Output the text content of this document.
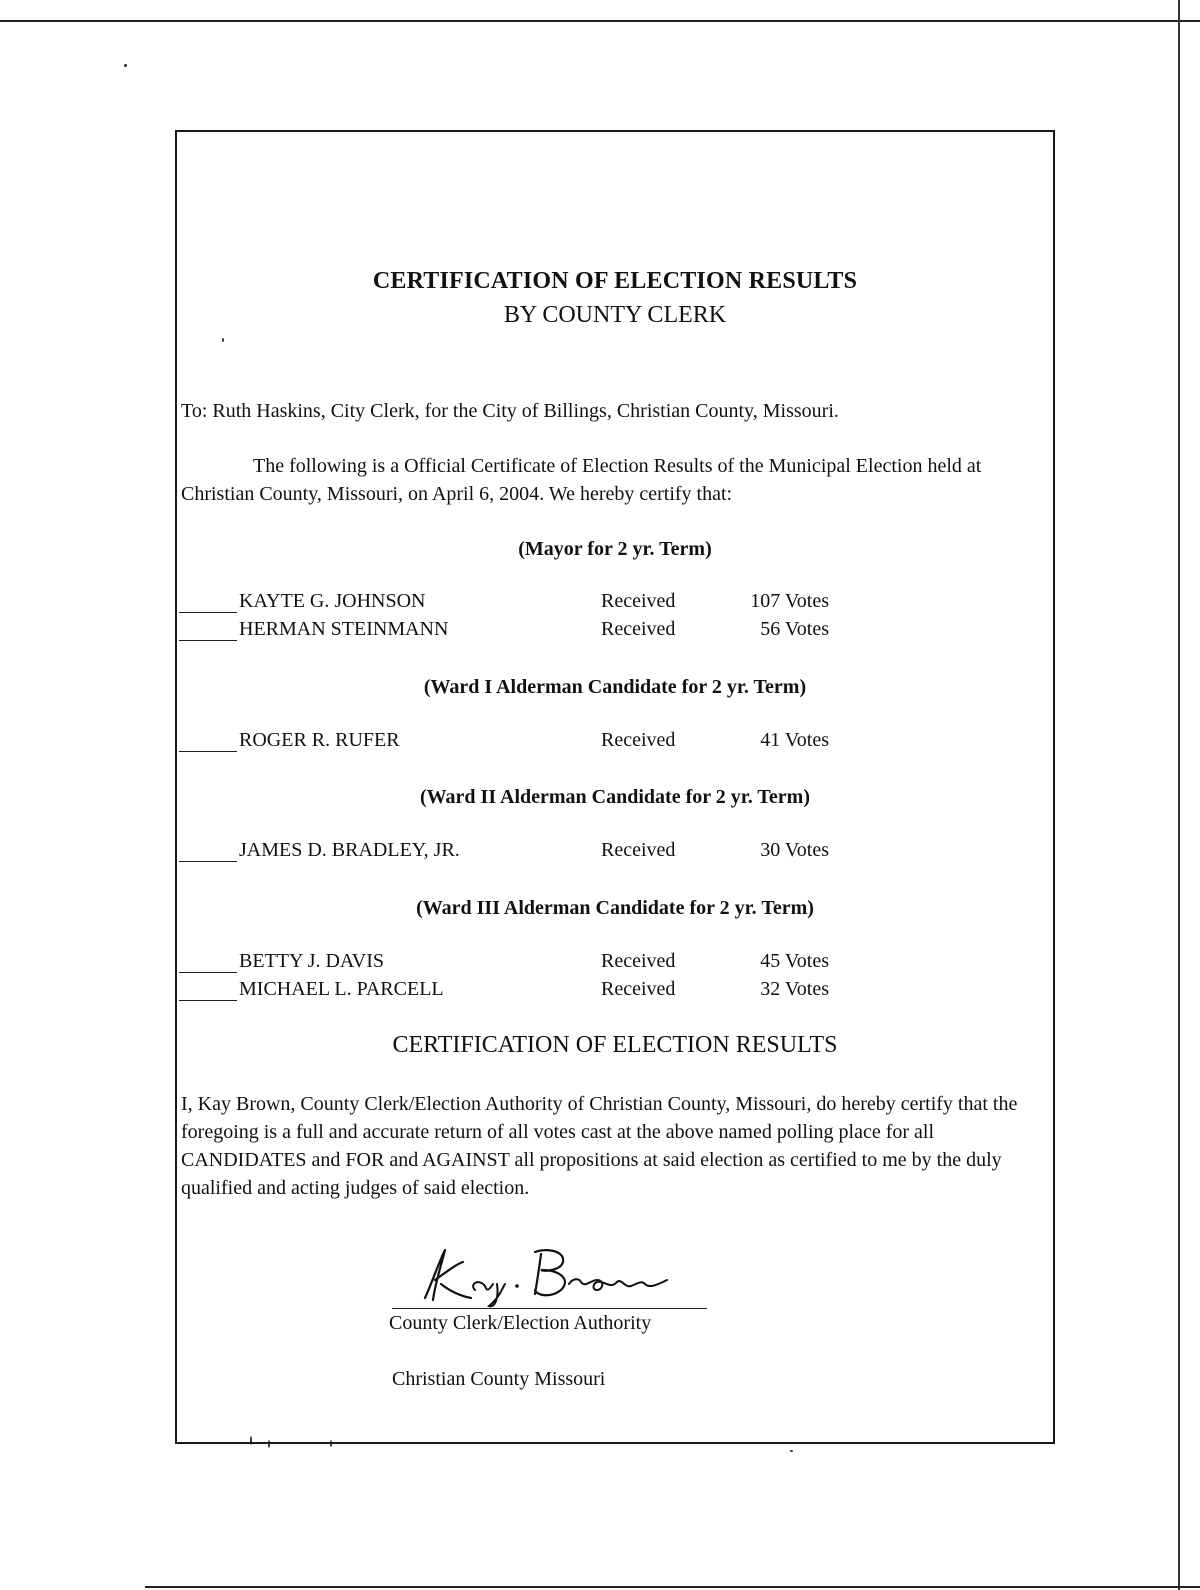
CERTIFICATION OF ELECTION RESULTS
BY COUNTY CLERK
To: Ruth Haskins, City Clerk, for the City of Billings, Christian County, Missouri.
The following is a Official Certificate of Election Results of the Municipal Election held at Christian County, Missouri, on April 6, 2004. We hereby certify that:
(Mayor for 2 yr. Term)
KAYTE G. JOHNSON	Received	107 Votes
HERMAN STEINMANN	Received	56 Votes
(Ward I Alderman Candidate for 2 yr. Term)
ROGER R. RUFER	Received	41 Votes
(Ward II Alderman Candidate for 2 yr. Term)
JAMES D. BRADLEY, JR.	Received	30 Votes
(Ward III Alderman Candidate for 2 yr. Term)
BETTY J. DAVIS	Received	45 Votes
MICHAEL L. PARCELL	Received	32 Votes
CERTIFICATION OF ELECTION RESULTS
I, Kay Brown, County Clerk/Election Authority of Christian County, Missouri, do hereby certify that the foregoing is a full and accurate return of all votes cast at the above named polling place for all CANDIDATES and FOR and AGAINST all propositions at said election as certified to me by the duly qualified and acting judges of said election.
County Clerk/Election Authority
Christian County Missouri
